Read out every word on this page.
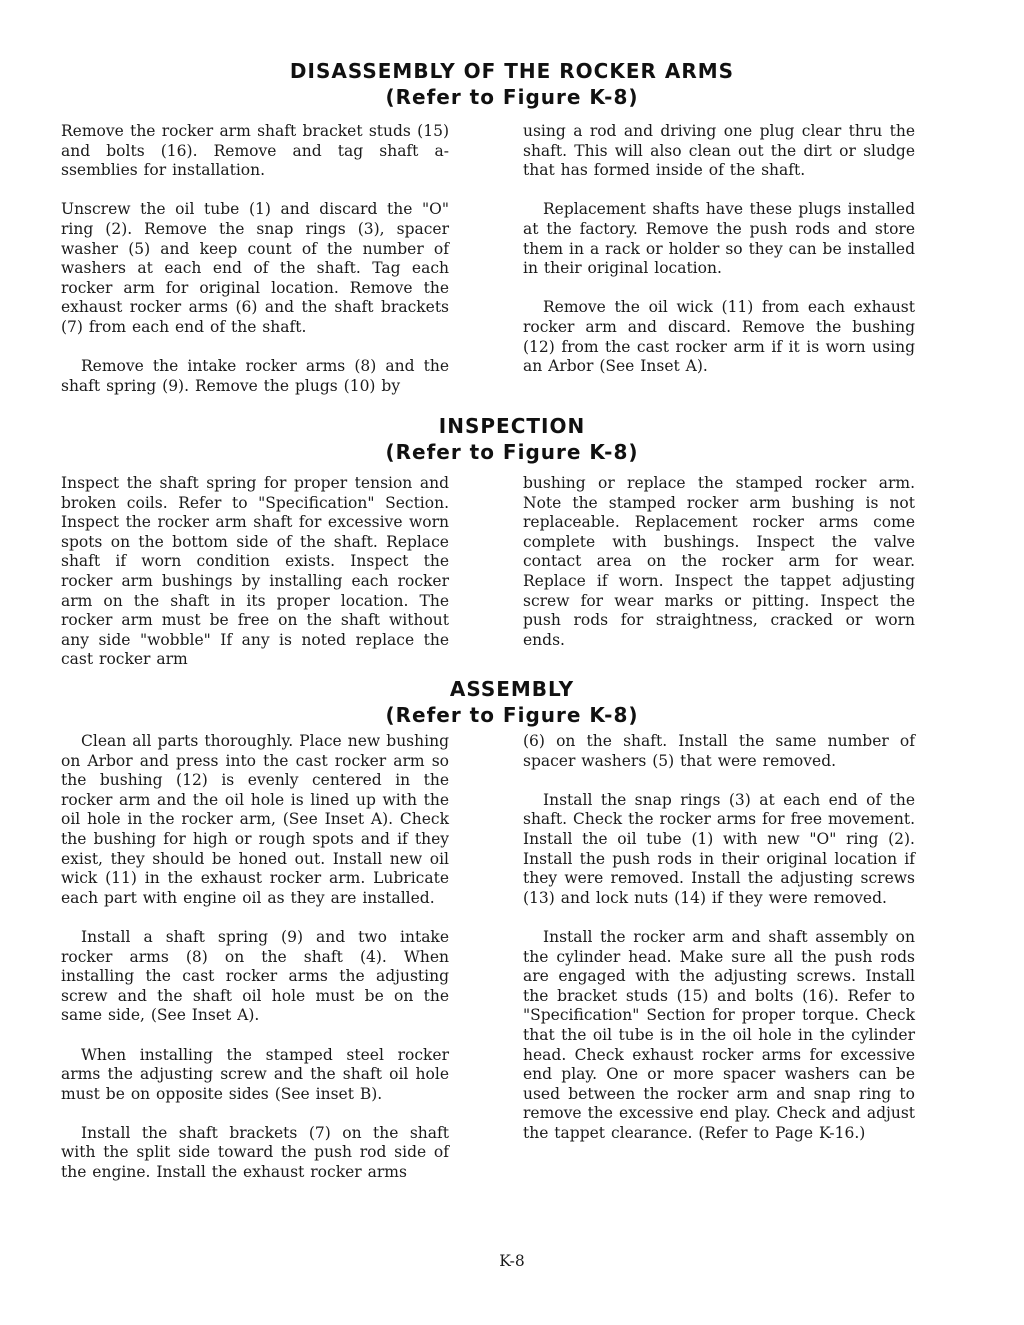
DISASSEMBLY OF THE ROCKER ARMS
(Refer to Figure K-8)

Remove the rocker arm shaft bracket studs (15) and bolts (16). Remove and tag shaft a-ssemblies for installation.

Unscrew the oil tube (1) and discard the "O" ring (2). Remove the snap rings (3), spacer washer (5) and keep count of the number of washers at each end of the shaft. Tag each rocker arm for original location. Remove the exhaust rocker arms (6) and the shaft brackets (7) from each end of the shaft.

Remove the intake rocker arms (8) and the shaft spring (9). Remove the plugs (10) by

using a rod and driving one plug clear thru the shaft. This will also clean out the dirt or sludge that has formed inside of the shaft.

Replacement shafts have these plugs installed at the factory. Remove the push rods and store them in a rack or holder so they can be installed in their original location.

Remove the oil wick (11) from each exhaust rocker arm and discard. Remove the bushing (12) from the cast rocker arm if it is worn using an Arbor (See Inset A).

INSPECTION
(Refer to Figure K-8)

Inspect the shaft spring for proper tension and broken coils. Refer to "Specification" Section. Inspect the rocker arm shaft for excessive worn spots on the bottom side of the shaft. Replace shaft if worn condition exists. Inspect the rocker arm bushings by installing each rocker arm on the shaft in its proper location. The rocker arm must be free on the shaft without any side "wobble" If any is noted replace the cast rocker arm

bushing or replace the stamped rocker arm. Note the stamped rocker arm bushing is not replaceable. Replacement rocker arms come complete with bushings. Inspect the valve contact area on the rocker arm for wear. Replace if worn. Inspect the tappet adjusting screw for wear marks or pitting. Inspect the push rods for straightness, cracked or worn ends.

ASSEMBLY
(Refer to Figure K-8)

Clean all parts thoroughly. Place new bushing on Arbor and press into the cast rocker arm so the bushing (12) is evenly centered in the rocker arm and the oil hole is lined up with the oil hole in the rocker arm, (See Inset A). Check the bushing for high or rough spots and if they exist, they should be honed out. Install new oil wick (11) in the exhaust rocker arm. Lubricate each part with engine oil as they are installed.

Install a shaft spring (9) and two intake rocker arms (8) on the shaft (4). When installing the cast rocker arms the adjusting screw and the shaft oil hole must be on the same side, (See Inset A).

When installing the stamped steel rocker arms the adjusting screw and the shaft oil hole must be on opposite sides (See inset B).

Install the shaft brackets (7) on the shaft with the split side toward the push rod side of the engine. Install the exhaust rocker arms

(6) on the shaft. Install the same number of spacer washers (5) that were removed.

Install the snap rings (3) at each end of the shaft. Check the rocker arms for free movement. Install the oil tube (1) with new "O" ring (2). Install the push rods in their original location if they were removed. Install the adjusting screws (13) and lock nuts (14) if they were removed.

Install the rocker arm and shaft assembly on the cylinder head. Make sure all the push rods are engaged with the adjusting screws. Install the bracket studs (15) and bolts (16). Refer to "Specification" Section for proper torque. Check that the oil tube is in the oil hole in the cylinder head. Check exhaust rocker arms for excessive end play. One or more spacer washers can be used between the rocker arm and snap ring to remove the excessive end play. Check and adjust the tappet clearance. (Refer to Page K-16.)

K-8
